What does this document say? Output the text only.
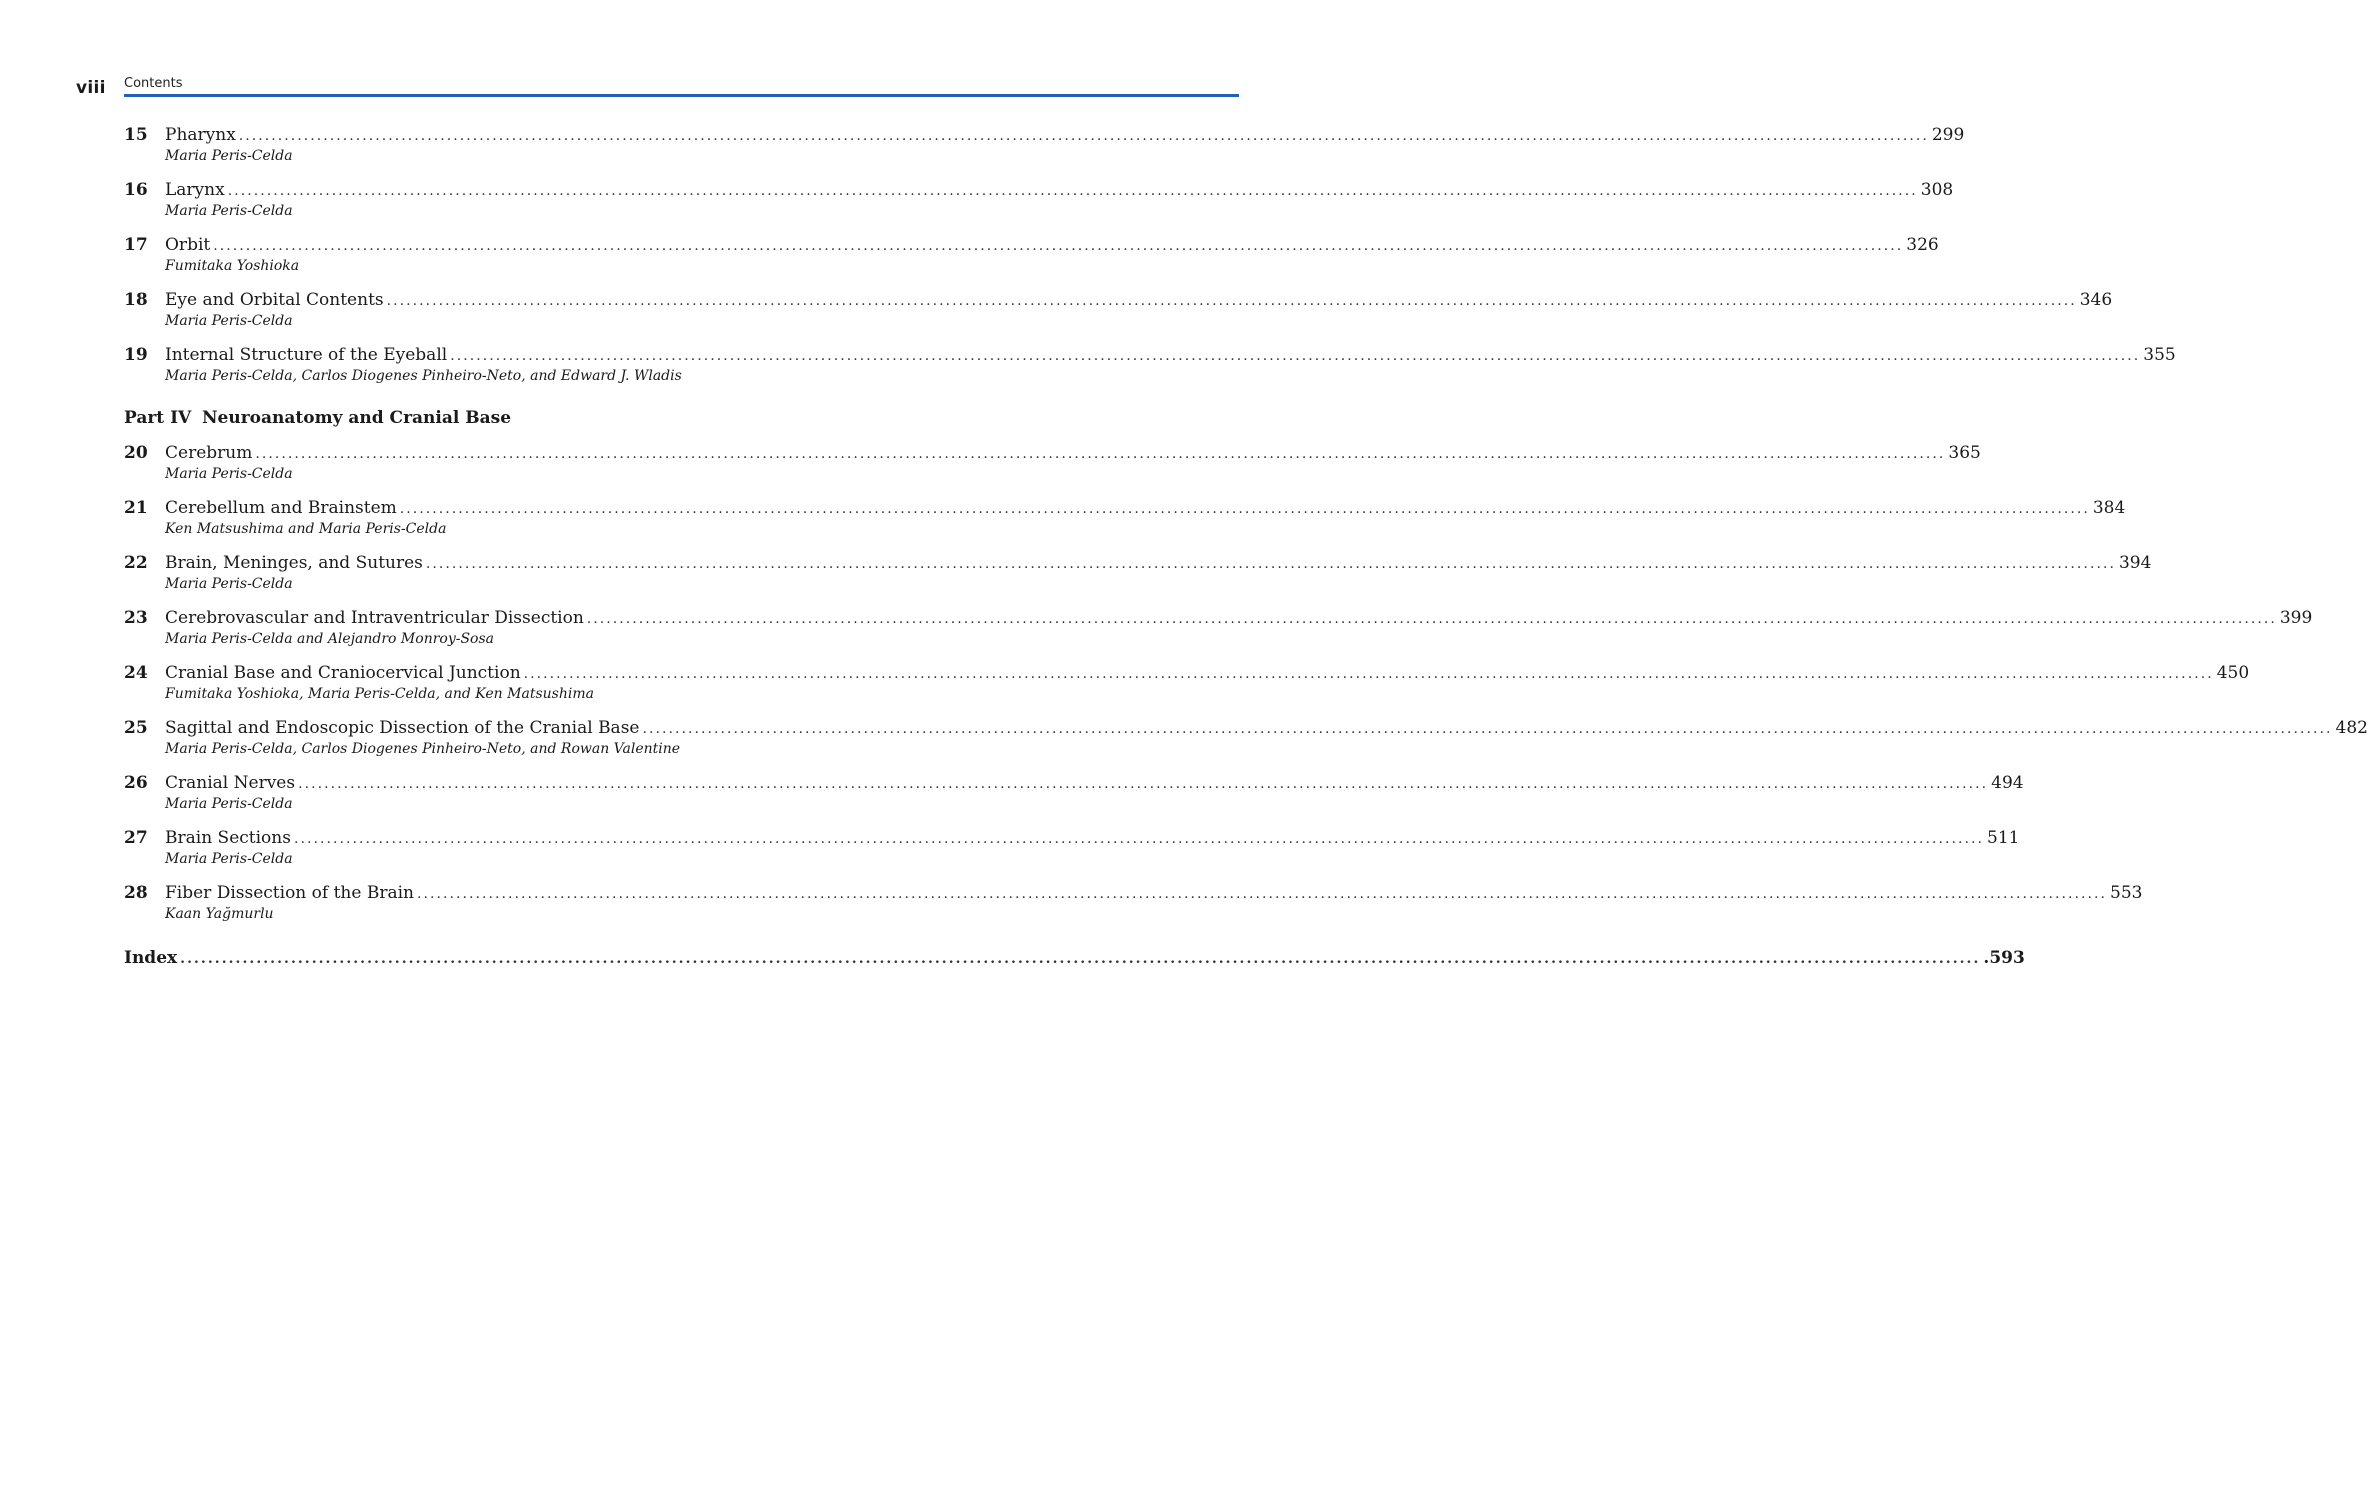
viii Contents
15	Pharynx .................................................................................................................................................................................................................................................................... 299
Maria Peris-Celda
16	Larynx .................................................................................................................................................................................................................................................................... 308
Maria Peris-Celda
17	Orbit .................................................................................................................................................................................................................................................................... 326
Fumitaka Yoshioka
18	Eye and Orbital Contents .................................................................................................................................................................................................................................................................... 346
Maria Peris-Celda
19	Internal Structure of the Eyeball .................................................................................................................................................................................................................................................................... 355
Maria Peris-Celda, Carlos Diogenes Pinheiro-Neto, and Edward J. Wladis
Part IV Neuroanatomy and Cranial Base
20	Cerebrum .................................................................................................................................................................................................................................................................... 365
Maria Peris-Celda
21	Cerebellum and Brainstem .................................................................................................................................................................................................................................................................... 384
Ken Matsushima and Maria Peris-Celda
22	Brain, Meninges, and Sutures .................................................................................................................................................................................................................................................................... 394
Maria Peris-Celda
23	Cerebrovascular and Intraventricular Dissection .................................................................................................................................................................................................................................................................... 399
Maria Peris-Celda and Alejandro Monroy-Sosa
24	Cranial Base and Craniocervical Junction .................................................................................................................................................................................................................................................................... 450
Fumitaka Yoshioka, Maria Peris-Celda, and Ken Matsushima
25	Sagittal and Endoscopic Dissection of the Cranial Base .................................................................................................................................................................................................................................................................... 482
Maria Peris-Celda, Carlos Diogenes Pinheiro-Neto, and Rowan Valentine
26	Cranial Nerves .................................................................................................................................................................................................................................................................... 494
Maria Peris-Celda
27	Brain Sections .................................................................................................................................................................................................................................................................... 511
Maria Peris-Celda
28	Fiber Dissection of the Brain .................................................................................................................................................................................................................................................................... 553
Kaan Yağmurlu
Index .................................................................................................................................................................................................................................................................... .593
